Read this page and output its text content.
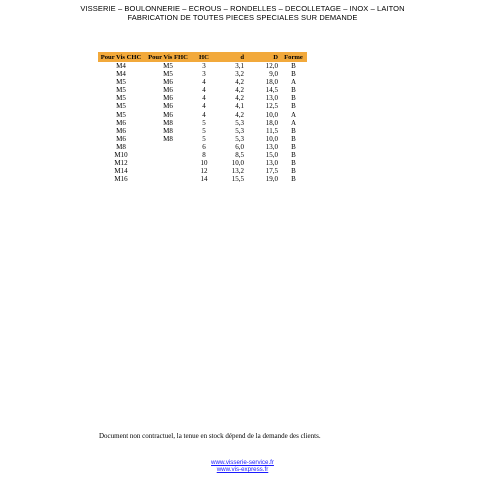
VISSERIE – BOULONNERIE – ECROUS – RONDELLES – DECOLLETAGE – INOX – LAITON
FABRICATION DE TOUTES PIECES SPECIALES SUR DEMANDE
Pour Vis CHC	Pour Vis FHC	HC	d	D	Forme
M4	M5	3	3,1	12,0	B
M4	M5	3	3,2	9,0	B
M5	M6	4	4,2	18,0	A
M5	M6	4	4,2	14,5	B
M5	M6	4	4,2	13,0	B
M5	M6	4	4,1	12,5	B
M5	M6	4	4,2	10,0	A
M6	M8	5	5,3	18,0	A
M6	M8	5	5,3	11,5	B
M6	M8	5	5,3	10,0	B
M8		6	6,0	13,0	B
M10		8	8,5	15,0	B
M12		10	10,0	13,0	B
M14		12	13,2	17,5	B
M16		14	15,5	19,0	B
Document non contractuel, la tenue en stock dépend de la demande des clients.
www.visserie-service.fr
www.vis-express.fr
